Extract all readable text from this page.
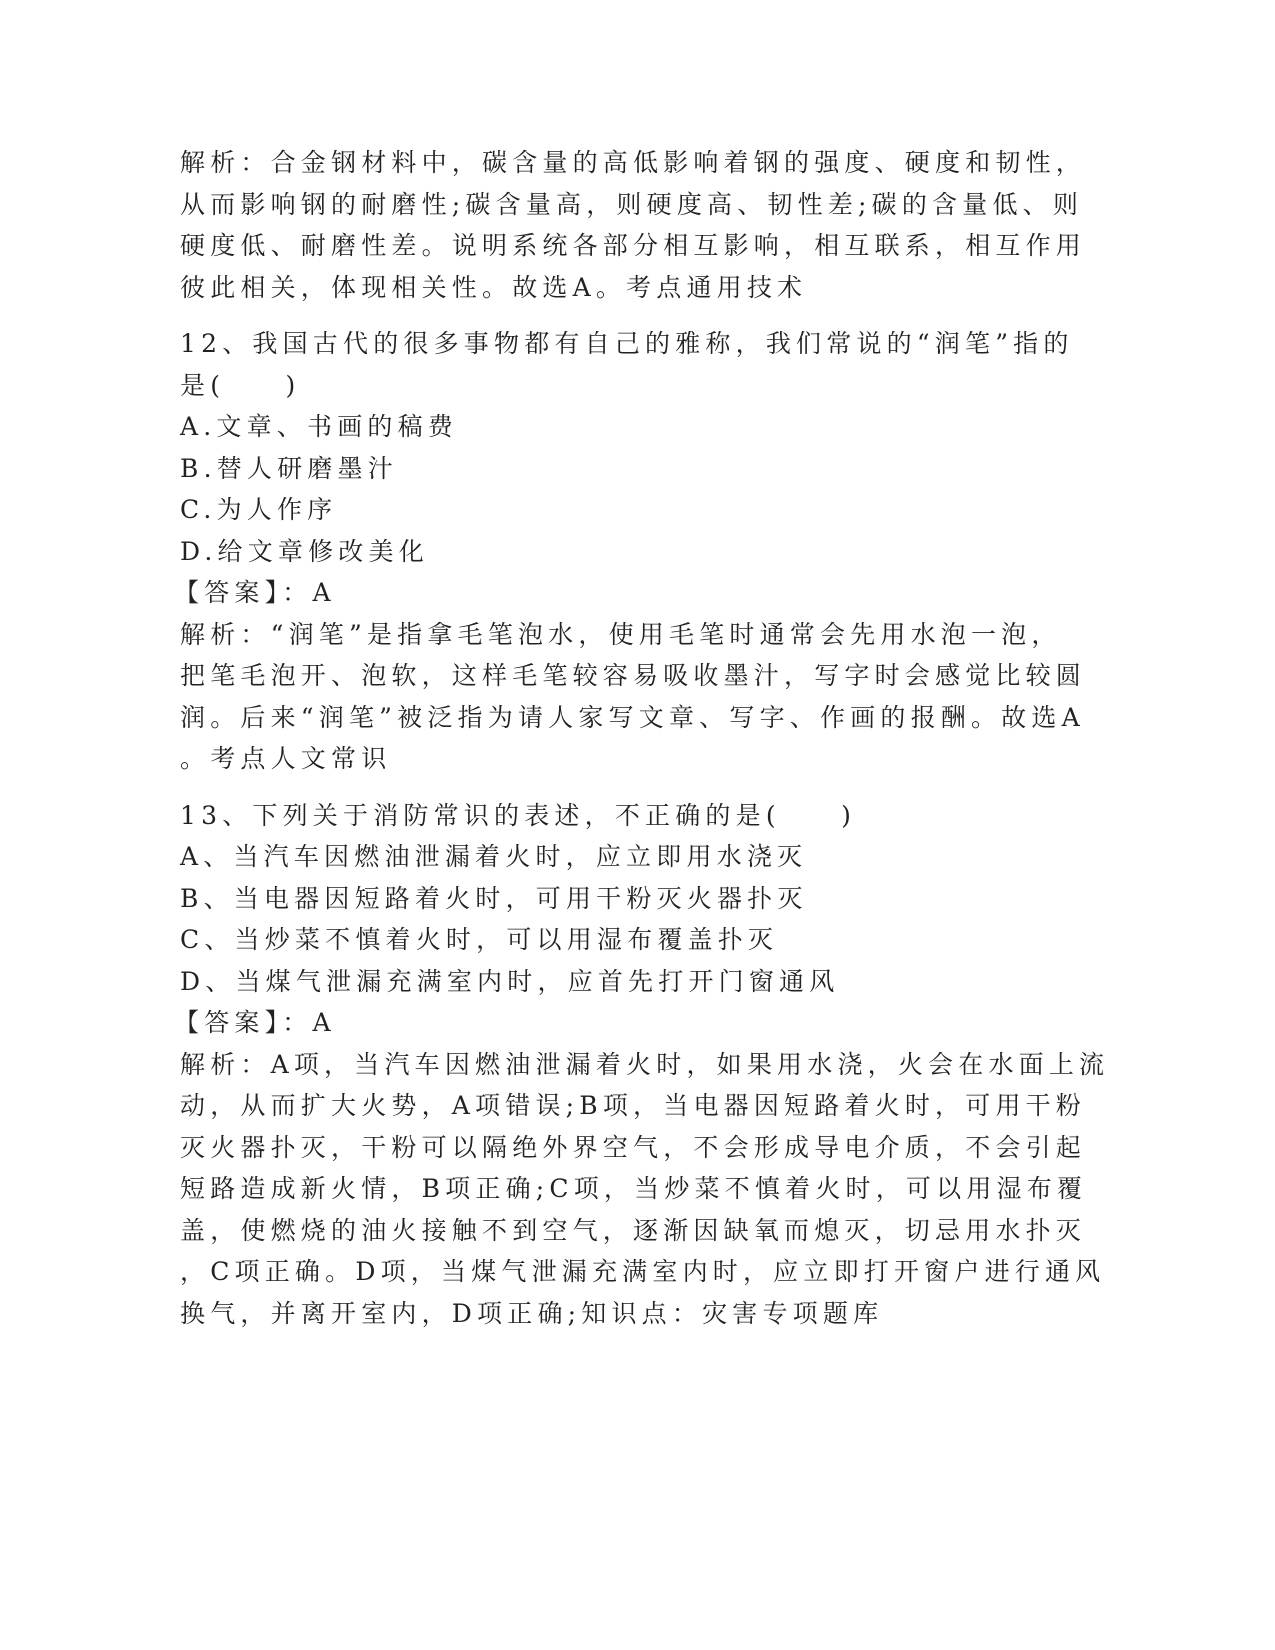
解析：合金钢材料中，碳含量的高低影响着钢的强度、硬度和韧性，
从而影响钢的耐磨性;碳含量高，则硬度高、韧性差;碳的含量低、则
硬度低、耐磨性差。说明系统各部分相互影响，相互联系，相互作用
彼此相关，体现相关性。故选A。考点通用技术
12、我国古代的很多事物都有自己的雅称，我们常说的“润笔”指的
是(　　)
A.文章、书画的稿费
B.替人研磨墨汁
C.为人作序
D.给文章修改美化
【答案】：A
解析：“润笔”是指拿毛笔泡水，使用毛笔时通常会先用水泡一泡，
把笔毛泡开、泡软，这样毛笔较容易吸收墨汁，写字时会感觉比较圆
润。后来“润笔”被泛指为请人家写文章、写字、作画的报酬。故选A
。考点人文常识
13、下列关于消防常识的表述，不正确的是(　　)
A、当汽车因燃油泄漏着火时，应立即用水浇灭
B、当电器因短路着火时，可用干粉灭火器扑灭
C、当炒菜不慎着火时，可以用湿布覆盖扑灭
D、当煤气泄漏充满室内时，应首先打开门窗通风
【答案】：A
解析：A项，当汽车因燃油泄漏着火时，如果用水浇，火会在水面上流
动，从而扩大火势，A项错误;B项，当电器因短路着火时，可用干粉
灭火器扑灭，干粉可以隔绝外界空气，不会形成导电介质，不会引起
短路造成新火情，B项正确;C项，当炒菜不慎着火时，可以用湿布覆
盖，使燃烧的油火接触不到空气，逐渐因缺氧而熄灭，切忌用水扑灭
，C项正确。D项，当煤气泄漏充满室内时，应立即打开窗户进行通风
换气，并离开室内，D项正确;知识点：灾害专项题库
